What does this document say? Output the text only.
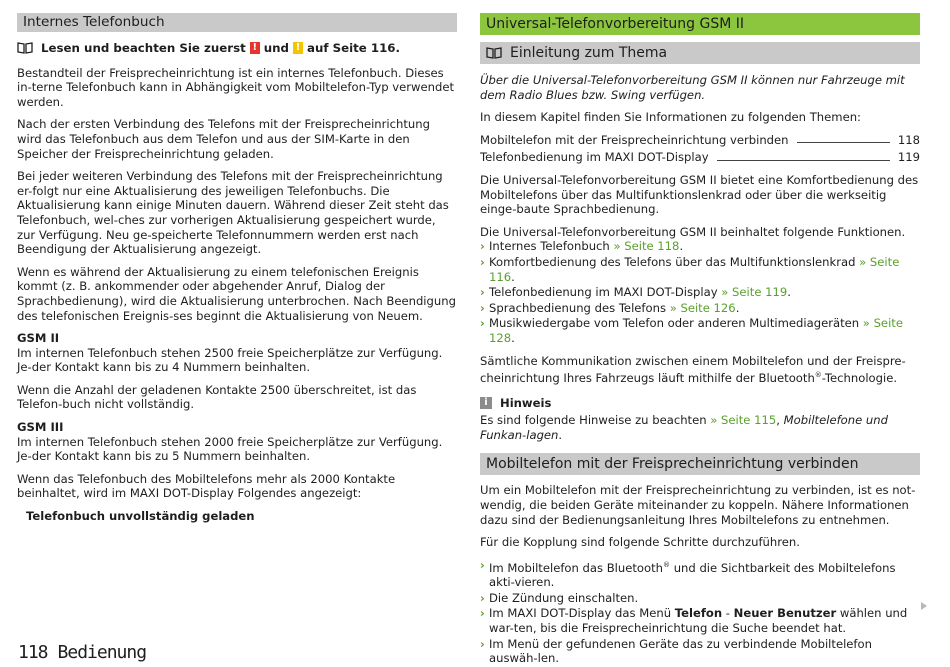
Internes Telefonbuch
Lesen und beachten Sie zuerst ! und ! auf Seite 116.

Bestandteil der Freisprecheinrichtung ist ein internes Telefonbuch. Dieses in-terne Telefonbuch kann in Abhängigkeit vom Mobiltelefon-Typ verwendet werden.

Nach der ersten Verbindung des Telefons mit der Freisprecheinrichtung wird das Telefonbuch aus dem Telefon und aus der SIM-Karte in den Speicher der Freisprecheinrichtung geladen.

Bei jeder weiteren Verbindung des Telefons mit der Freisprecheinrichtung er-folgt nur eine Aktualisierung des jeweiligen Telefonbuchs. Die Aktualisierung kann einige Minuten dauern. Während dieser Zeit steht das Telefonbuch, wel-ches zur vorherigen Aktualisierung gespeichert wurde, zur Verfügung. Neu ge-speicherte Telefonnummern werden erst nach Beendigung der Aktualisierung angezeigt.

Wenn es während der Aktualisierung zu einem telefonischen Ereignis kommt (z. B. ankommender oder abgehender Anruf, Dialog der Sprachbedienung), wird die Aktualisierung unterbrochen. Nach Beendigung des telefonischen Ereignis-ses beginnt die Aktualisierung von Neuem.

GSM II

Im internen Telefonbuch stehen 2500 freie Speicherplätze zur Verfügung. Je-der Kontakt kann bis zu 4 Nummern beinhalten.

Wenn die Anzahl der geladenen Kontakte 2500 überschreitet, ist das Telefon-buch nicht vollständig.

GSM III

Im internen Telefonbuch stehen 2000 freie Speicherplätze zur Verfügung. Je-der Kontakt kann bis zu 5 Nummern beinhalten.

Wenn das Telefonbuch des Mobiltelefons mehr als 2000 Kontakte beinhaltet, wird im MAXI DOT-Display Folgendes angezeigt:

Telefonbuch unvollständig geladen
Universal-Telefonvorbereitung GSM II
Einleitung zum Thema

Über die Universal-Telefonvorbereitung GSM II können nur Fahrzeuge mit dem Radio Blues bzw. Swing verfügen.

In diesem Kapitel finden Sie Informationen zu folgenden Themen:

Mobiltelefon mit der Freisprecheinrichtung verbinden	118
Telefonbedienung im MAXI DOT-Display	119

Die Universal-Telefonvorbereitung GSM II bietet eine Komfortbedienung des Mobiltelefons über das Multifunktionslenkrad oder über die werkseitig einge-baute Sprachbedienung.

Die Universal-Telefonvorbereitung GSM II beinhaltet folgende Funktionen.
› Internes Telefonbuch » Seite 118.
› Komfortbedienung des Telefons über das Multifunktionslenkrad » Seite 116.
› Telefonbedienung im MAXI DOT-Display » Seite 119.
› Sprachbedienung des Telefons » Seite 126.
› Musikwiedergabe vom Telefon oder anderen Multimediageräten » Seite 128.

Sämtliche Kommunikation zwischen einem Mobiltelefon und der Freispre-cheinrichtung Ihres Fahrzeugs läuft mithilfe der Bluetooth®-Technologie.

i	Hinweis

Es sind folgende Hinweise zu beachten » Seite 115, Mobiltelefone und Funkan-lagen.

Mobiltelefon mit der Freisprecheinrichtung verbinden

Um ein Mobiltelefon mit der Freisprecheinrichtung zu verbinden, ist es not-wendig, die beiden Geräte miteinander zu koppeln. Nähere Informationen dazu sind der Bedienungsanleitung Ihres Mobiltelefons zu entnehmen.

Für die Kopplung sind folgende Schritte durchzuführen.

› Im Mobiltelefon das Bluetooth® und die Sichtbarkeit des Mobiltelefons akti-vieren.
› Die Zündung einschalten.
› Im MAXI DOT-Display das Menü Telefon - Neuer Benutzer wählen und war-ten, bis die Freisprecheinrichtung die Suche beendet hat.
› Im Menü der gefundenen Geräte das zu verbindende Mobiltelefon auswäh-len.
118 Bedienung
